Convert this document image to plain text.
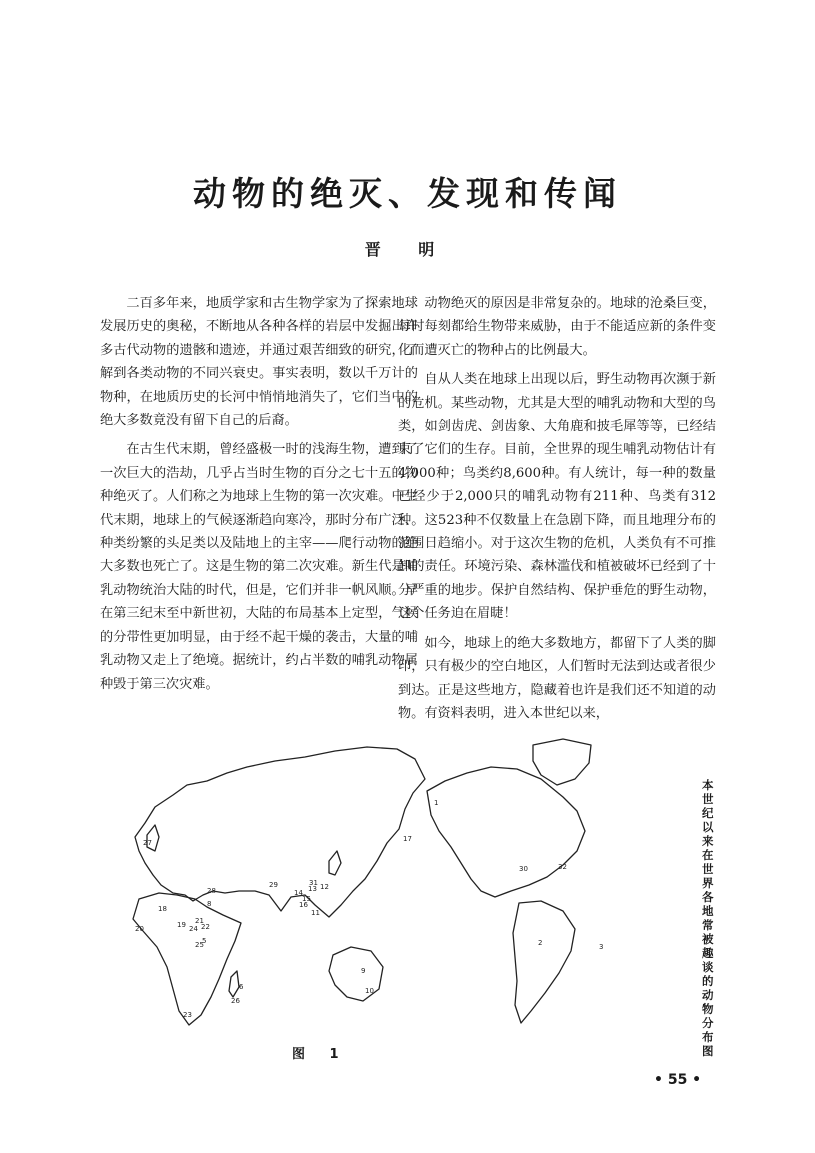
动物的绝灭、发现和传闻
晋 明

二百多年来，地质学家和古生物学家为了探索地球发展历史的奥秘，不断地从各种各样的岩层中发掘出许多古代动物的遗骸和遗迹，并通过艰苦细致的研究，了解到各类动物的不同兴衰史。事实表明，数以千万计的物种，在地质历史的长河中悄悄地消失了，它们当中的绝大多数竟没有留下自己的后裔。

在古生代末期，曾经盛极一时的浅海生物，遭到了一次巨大的浩劫，几乎占当时生物的百分之七十五的物种绝灭了。人们称之为地球上生物的第一次灾难。中生代末期，地球上的气候逐渐趋向寒冷，那时分布广泛、种类纷繁的头足类以及陆地上的主宰——爬行动物的绝大多数也死亡了。这是生物的第二次灾难。新生代是哺乳动物统治大陆的时代，但是，它们并非一帆风顺。早在第三纪末至中新世初，大陆的布局基本上定型，气候的分带性更加明显，由于经不起干燥的袭击，大量的哺乳动物又走上了绝境。据统计，约占半数的哺乳动物属种毁于第三次灾难。

动物绝灭的原因是非常复杂的。地球的沧桑巨变，每时每刻都给生物带来威胁，由于不能适应新的条件变化而遭灭亡的物种占的比例最大。

自从人类在地球上出现以后，野生动物再次濒于新的危机。某些动物，尤其是大型的哺乳动物和大型的鸟类，如剑齿虎、剑齿象、大角鹿和披毛犀等等，已经结束了它们的生存。目前，全世界的现生哺乳动物估计有4,000种；鸟类约8,600种。有人统计，每一种的数量已经少于2,000只的哺乳动物有211种、鸟类有312种。这523种不仅数量上在急剧下降，而且地理分布的范围日趋缩小。对于这次生物的危机，人类负有不可推卸的责任。环境污染、森林滥伐和植被破坏已经到了十分严重的地步。保护自然结构、保护垂危的野生动物，这个任务迫在眉睫！

如今，地球上的绝大多数地方，都留下了人类的脚印，只有极少的空白地区，人们暂时无法到达或者很少到达。正是这些地方，隐藏着也许是我们还不知道的动物。有资料表明，进入本世纪以来，

1
2	3
5
6
8
9
10
11
12
13
14
15
16
17
18
19
20
21
22
23
24
25
26
27
28
29
30
31
32
本世纪以来在世界各地常被趣谈的动物分布图
图 1
• 55 •
